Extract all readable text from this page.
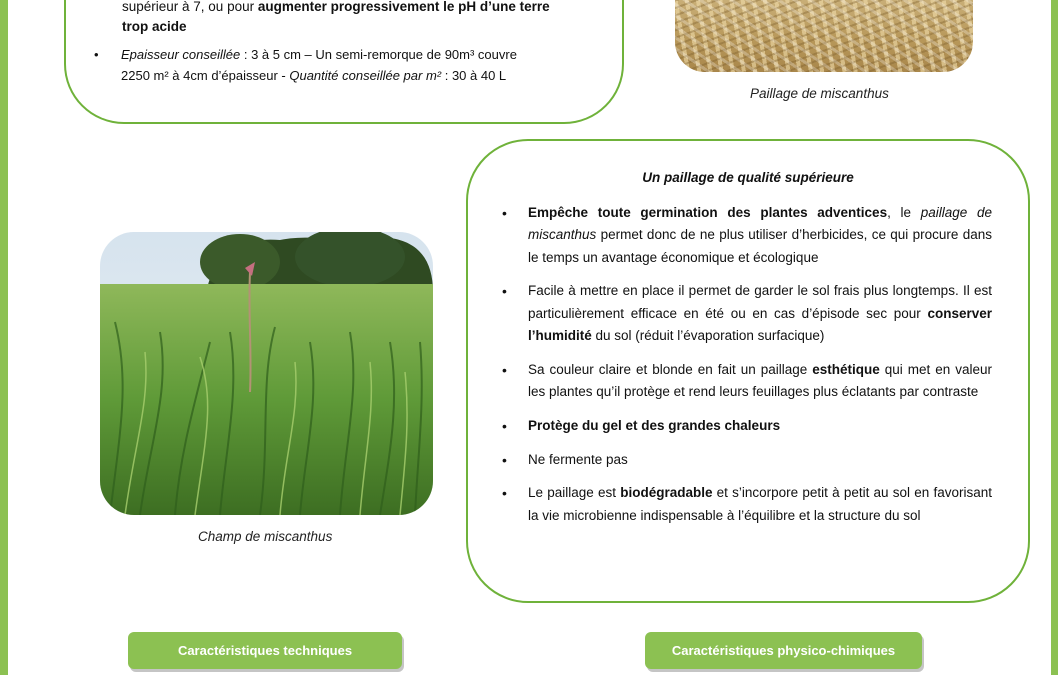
supérieur à 7, ou pour augmenter progressivement le pH d’une terre
trop acide
• Epaisseur conseillée : 3 à 5 cm – Un semi-remorque de 90m³ couvre
2250 m² à 4cm d’épaisseur - Quantité conseillée par m² : 30 à 40 L
Paillage de miscanthus
Champ de miscanthus
Un paillage de qualité supérieure
• Empêche toute germination des plantes adventices, le paillage de miscanthus permet donc de ne plus utiliser d’herbicides, ce qui procure dans le temps un avantage économique et écologique
• Facile à mettre en place il permet de garder le sol frais plus longtemps. Il est particulièrement efficace en été ou en cas d’épisode sec pour conserver l’humidité du sol (réduit l’évaporation surfacique)
• Sa couleur claire et blonde en fait un paillage esthétique qui met en valeur les plantes qu’il protège et rend leurs feuillages plus éclatants par contraste
• Protège du gel et des grandes chaleurs
• Ne fermente pas
• Le paillage est biodégradable et s’incorpore petit à petit au sol en favorisant la vie microbienne indispensable à l’équilibre et la structure du sol
Caractéristiques techniques	Caractéristiques physico-chimiques
